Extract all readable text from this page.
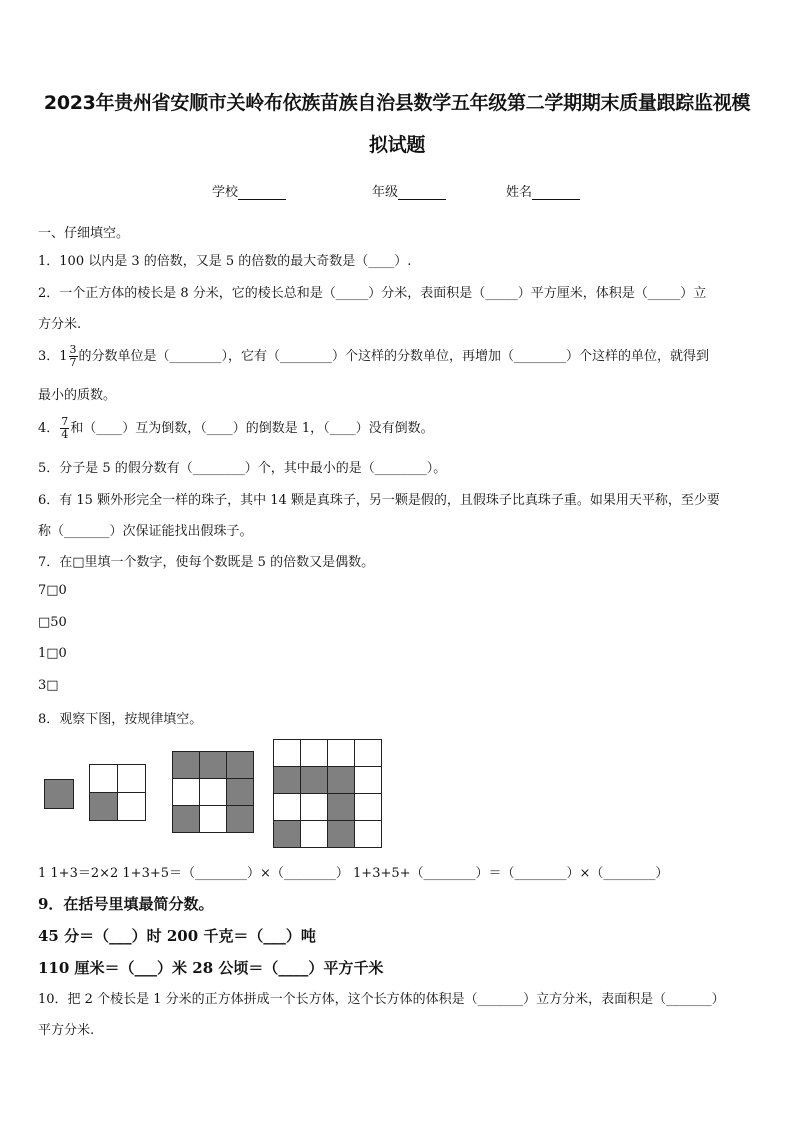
2023年贵州省安顺市关岭布依族苗族自治县数学五年级第二学期期末质量跟踪监视模
拟试题
学校	年级	姓名
一、仔细填空。
1．100 以内是 3 的倍数，又是 5 的倍数的最大奇数是（____）.
2．一个正方体的棱长是 8 分米，它的棱长总和是（_____）分米，表面积是（_____）平方厘米，体积是（_____）立
方分米.
3．$1 \frac{3}{7}$ 的分数单位是（________），它有（________）个这样的分数单位，再增加（________）个这样的单位，就得到
最小的质数。
4． $\frac{7}{4}$ 和（____）互为倒数，（____）的倒数是 1，（____）没有倒数。
5．分子是 5 的假分数有（________）个，其中最小的是（________）。
6．有 15 颗外形完全一样的珠子，其中 14 颗是真珠子，另一颗是假的，且假珠子比真珠子重。如果用天平称，至少要
称（_______）次保证能找出假珠子。
7．在□里填一个数字，使每个数既是 5 的倍数又是偶数。
7□0
□50
1□0
3□
8．观察下图，按规律填空。
1 1+3＝2×2 1+3+5＝（________）×（________） 1+3+5+（________）＝（________）×（________）
9．在括号里填最简分数。
45 分＝（___）时 200 千克＝（___）吨
110 厘米＝（___）米 28 公顷＝（____）平方千米
10．把 2 个棱长是 1 分米的正方体拼成一个长方体，这个长方体的体积是（_______）立方分米，表面积是（_______）
平方分米.
